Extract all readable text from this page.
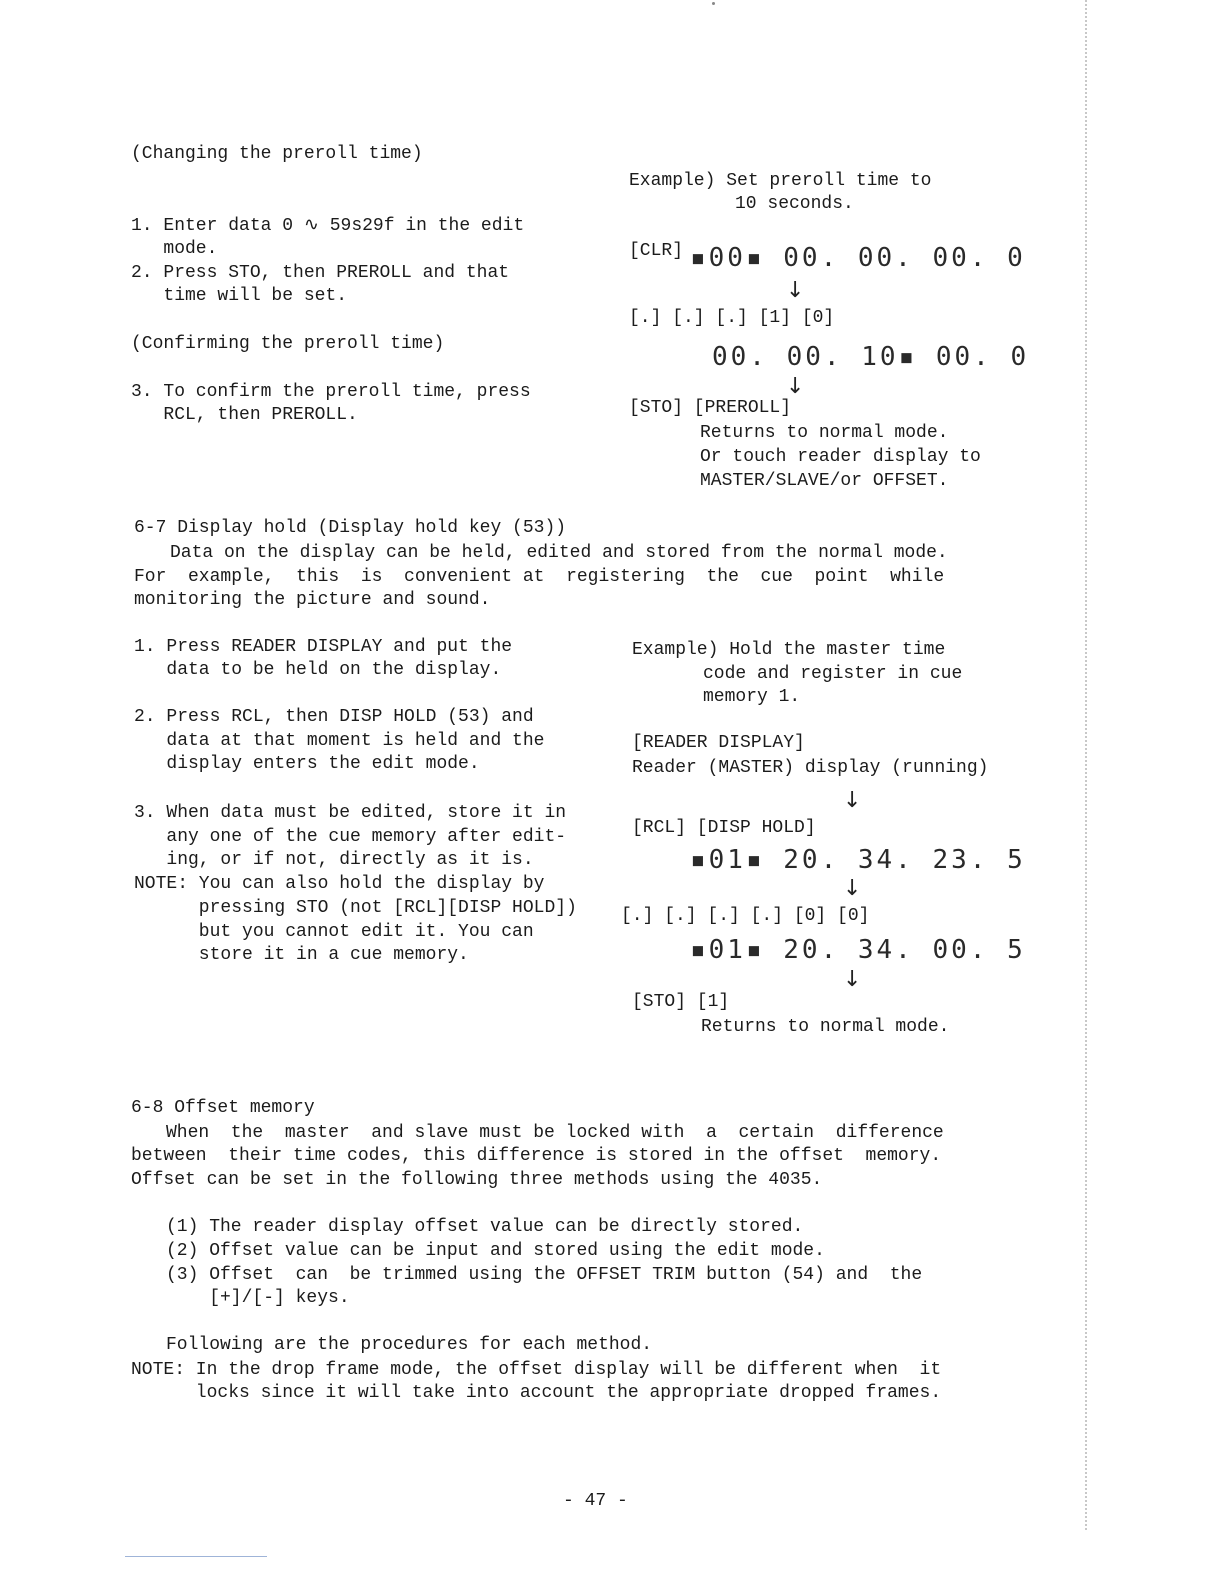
(Changing the preroll time)
1. Enter data 0 ∿ 59s29f in the edit
mode.
2. Press STO, then PREROLL and that
time will be set.
(Confirming the preroll time)
3. To confirm the preroll time, press
RCL, then PREROLL.
Example) Set preroll time to
10 seconds.
[CLR] ▪00▪ 00. 00. 00. 0
↓
[.] [.] [.] [1] [0]
00. 00. 10▪ 00. 0
↓
[STO] [PREROLL]
Returns to normal mode.
Or touch reader display to
MASTER/SLAVE/or OFFSET.
6-7 Display hold (Display hold key (53))
Data on the display can be held, edited and stored from the normal mode.
For  example,  this  is  convenient at  registering  the  cue  point  while
monitoring the picture and sound.
1. Press READER DISPLAY and put the
data to be held on the display.
2. Press RCL, then DISP HOLD (53) and
data at that moment is held and the
display enters the edit mode.
3. When data must be edited, store it in
any one of the cue memory after edit-
ing, or if not, directly as it is.
NOTE: You can also hold the display by
pressing STO (not [RCL][DISP HOLD])
but you cannot edit it. You can
store it in a cue memory.
Example) Hold the master time
code and register in cue
memory 1.
[READER DISPLAY]
Reader (MASTER) display (running)
↓
[RCL] [DISP HOLD]
▪01▪ 20. 34. 23. 5
↓
[.] [.] [.] [.] [0] [0]
▪01▪ 20. 34. 00. 5
↓
[STO] [1]
Returns to normal mode.
6-8 Offset memory
When  the  master  and slave must be locked with  a  certain  difference
between  their time codes, this difference is stored in the offset  memory.
Offset can be set in the following three methods using the 4035.
(1) The reader display offset value can be directly stored.
(2) Offset value can be input and stored using the edit mode.
(3) Offset  can  be trimmed using the OFFSET TRIM button (54) and  the
[+]/[-] keys.
Following are the procedures for each method.
NOTE: In the drop frame mode, the offset display will be different when  it
locks since it will take into account the appropriate dropped frames.
- 47 -
